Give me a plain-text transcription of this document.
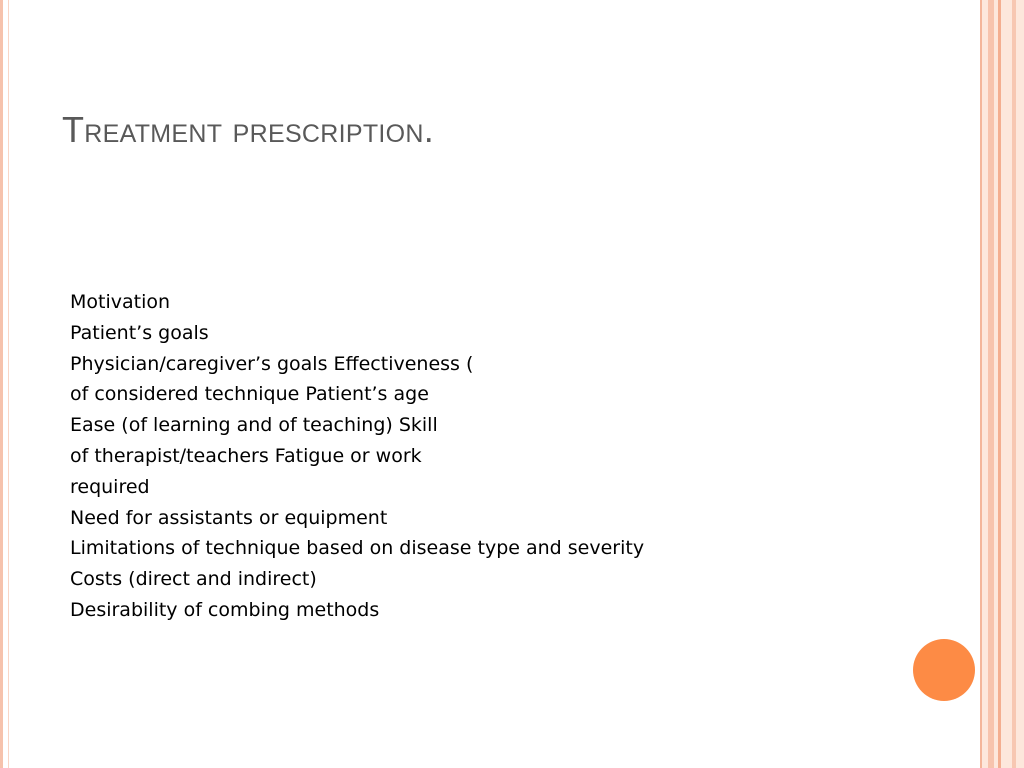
Treatment prescription.
Motivation
Patient’s goals
Physician/caregiver’s goals Effectiveness (
of considered technique Patient’s age
Ease (of learning and of teaching) Skill
of therapist/teachers Fatigue or work
required
Need for assistants or equipment
Limitations of technique based on disease type and severity
Costs (direct and indirect)
Desirability of combing methods
